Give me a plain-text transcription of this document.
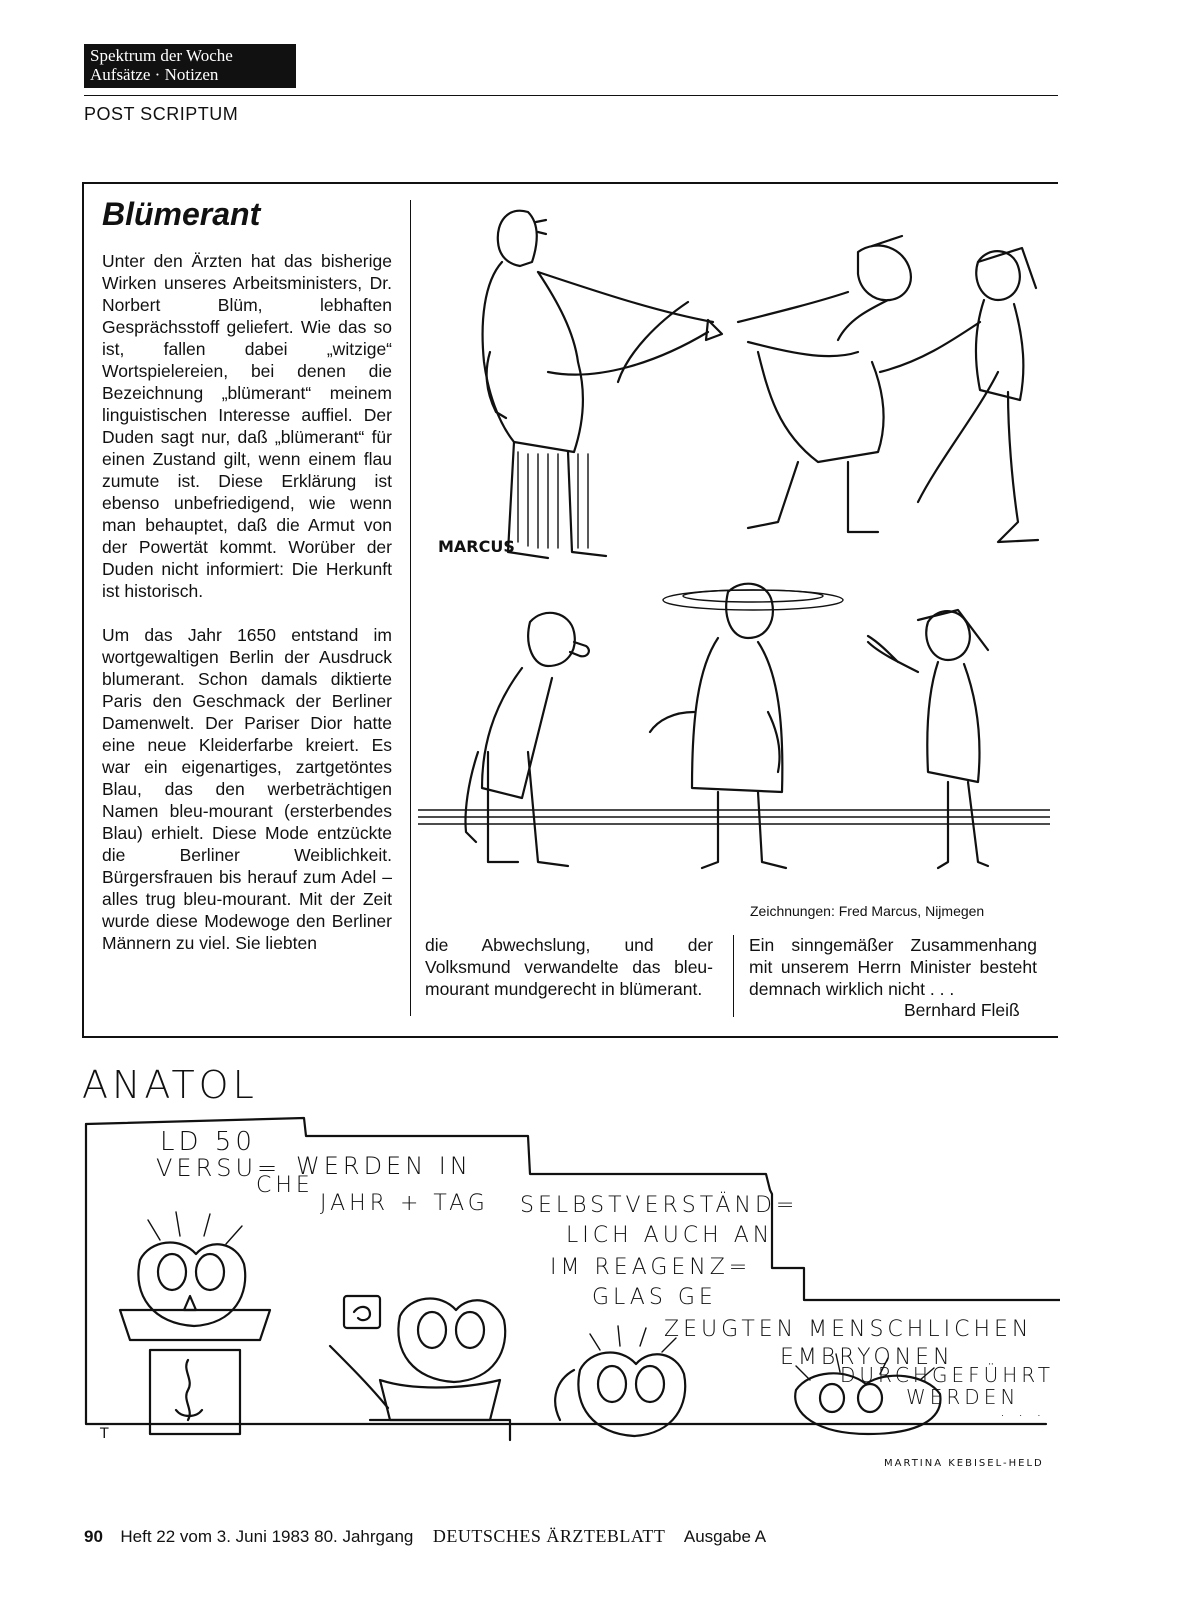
Spektrum der Woche
Aufsätze · Notizen
POST SCRIPTUM
Blümerant

Unter den Ärzten hat das bisherige Wirken unseres Arbeitsministers, Dr. Norbert Blüm, lebhaften Gesprächsstoff geliefert. Wie das so ist, fallen dabei „witzige“ Wortspielereien, bei denen die Bezeichnung „blümerant“ meinem linguistischen Interesse auffiel. Der Duden sagt nur, daß „blümerant“ für einen Zustand gilt, wenn einem flau zumute ist. Diese Erklärung ist ebenso unbefriedigend, wie wenn man behauptet, daß die Armut von der Powertät kommt. Worüber der Duden nicht informiert: Die Herkunft ist historisch.

Um das Jahr 1650 entstand im wortgewaltigen Berlin der Ausdruck blumerant. Schon damals diktierte Paris den Geschmack der Berliner Damenwelt. Der Pariser Dior hatte eine neue Kleiderfarbe kreiert. Es war ein eigenartiges, zartgetöntes Blau, das den werbeträchtigen Namen bleu-mourant (ersterbendes Blau) erhielt. Diese Mode entzückte die Berliner Weiblichkeit. Bürgersfrauen bis herauf zum Adel – alles trug bleu-mourant. Mit der Zeit wurde diese Modewoge den Berliner Männern zu viel. Sie liebten

MARCUS
Zeichnungen: Fred Marcus, Nijmegen

die Abwechslung, und der Volksmund verwandelte das bleu-mourant mundgerecht in blümerant.

Ein sinngemäßer Zusammenhang mit unserem Herrn Minister besteht demnach wirklich nicht . . .

Bernhard Fleiß
ANATOL
LD 50
VERSU=
CHE
WERDEN IN
JAHR + TAG SELBSTVERSTÄND=
LICH AUCH AN
IM REAGENZ=
GLAS GE
ZEUGTEN MENSCHLICHEN
EMBRYONEN
DURCHGEFÜHRT
WERDEN
. . .
T
MARTINA KEBISEL-HELD
90 Heft 22 vom 3. Juni 1983 80. Jahrgang DEUTSCHES ÄRZTEBLATT Ausgabe A
